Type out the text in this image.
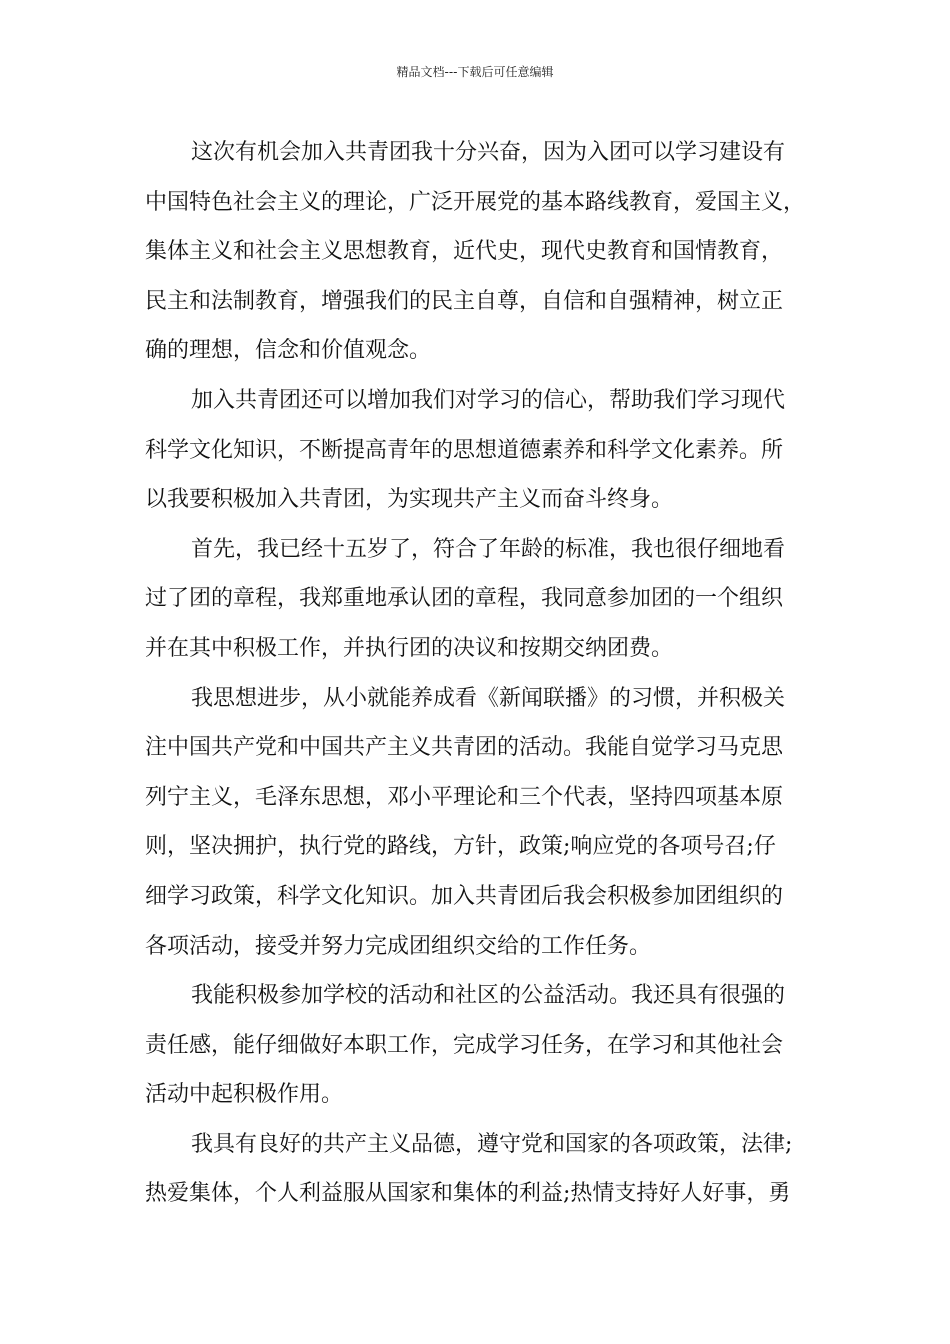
精品文档---下载后可任意编辑
这次有机会加入共青团我十分兴奋，因为入团可以学习建设有
中国特色社会主义的理论，广泛开展党的基本路线教育，爱国主义，
集体主义和社会主义思想教育，近代史，现代史教育和国情教育，
民主和法制教育，增强我们的民主自尊，自信和自强精神，树立正
确的理想，信念和价值观念。
加入共青团还可以增加我们对学习的信心，帮助我们学习现代
科学文化知识，不断提高青年的思想道德素养和科学文化素养。所
以我要积极加入共青团，为实现共产主义而奋斗终身。
首先，我已经十五岁了，符合了年龄的标准，我也很仔细地看
过了团的章程，我郑重地承认团的章程，我同意参加团的一个组织
并在其中积极工作，并执行团的决议和按期交纳团费。
我思想进步，从小就能养成看《新闻联播》的习惯，并积极关
注中国共产党和中国共产主义共青团的活动。我能自觉学习马克思
列宁主义，毛泽东思想，邓小平理论和三个代表，坚持四项基本原
则，坚决拥护，执行党的路线，方针，政策;响应党的各项号召;仔
细学习政策，科学文化知识。加入共青团后我会积极参加团组织的
各项活动，接受并努力完成团组织交给的工作任务。
我能积极参加学校的活动和社区的公益活动。我还具有很强的
责任感，能仔细做好本职工作，完成学习任务，在学习和其他社会
活动中起积极作用。
我具有良好的共产主义品德，遵守党和国家的各项政策，法律;
热爱集体，个人利益服从国家和集体的利益;热情支持好人好事，勇
